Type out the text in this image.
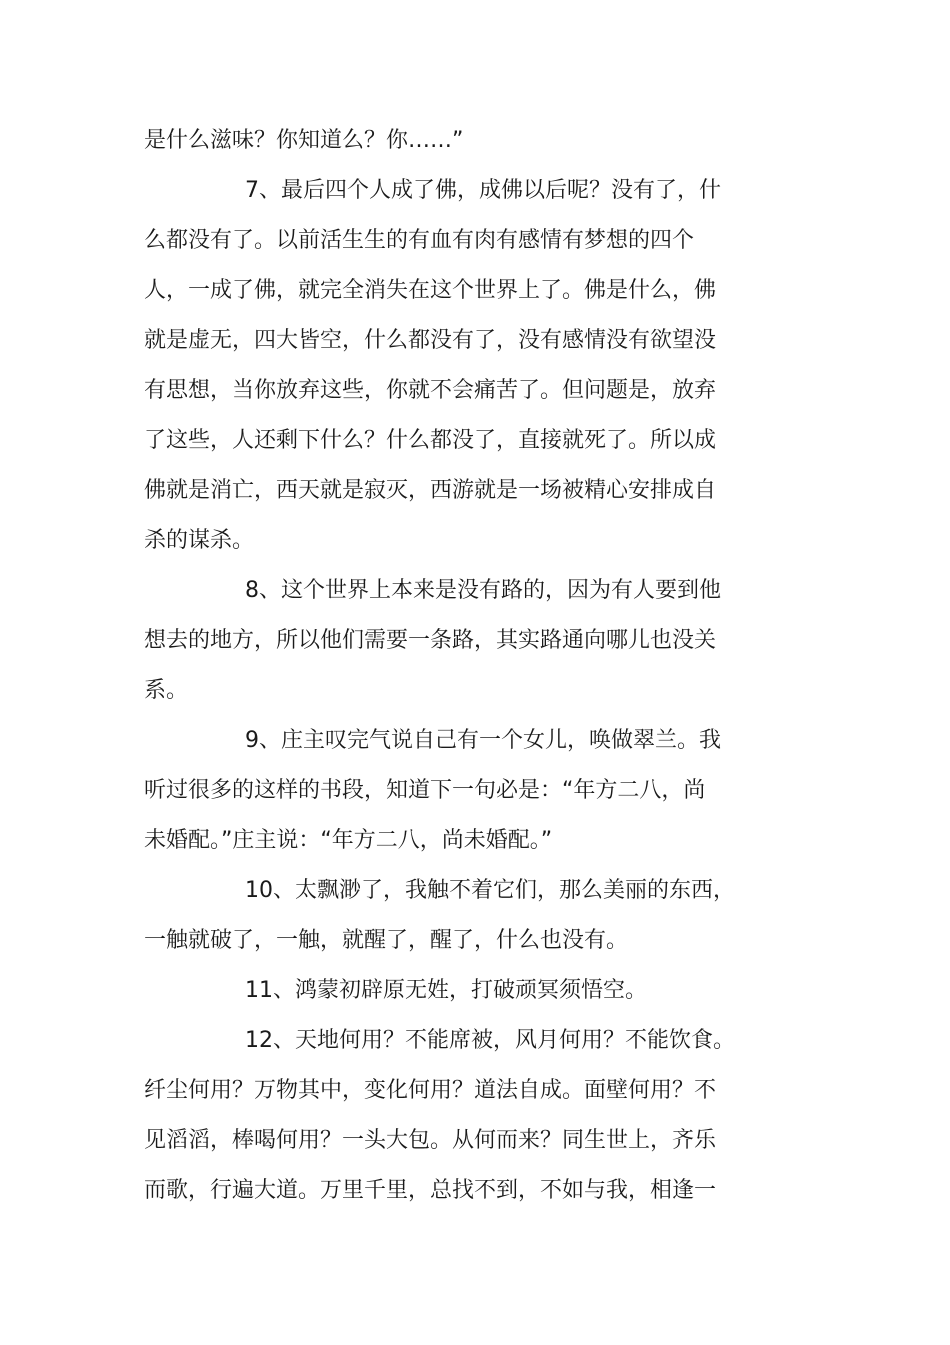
是什么滋味？你知道么？你……”
7、最后四个人成了佛，成佛以后呢？没有了，什
么都没有了。以前活生生的有血有肉有感情有梦想的四个
人，一成了佛，就完全消失在这个世界上了。佛是什么，佛
就是虚无，四大皆空，什么都没有了，没有感情没有欲望没
有思想，当你放弃这些，你就不会痛苦了。但问题是，放弃
了这些，人还剩下什么？什么都没了，直接就死了。所以成
佛就是消亡，西天就是寂灭，西游就是一场被精心安排成自
杀的谋杀。
8、这个世界上本来是没有路的，因为有人要到他
想去的地方，所以他们需要一条路，其实路通向哪儿也没关
系。
9、庄主叹完气说自己有一个女儿，唤做翠兰。我
听过很多的这样的书段，知道下一句必是：“年方二八，尚
未婚配。”庄主说：“年方二八，尚未婚配。”
10、太飘渺了，我触不着它们，那么美丽的东西，
一触就破了，一触，就醒了，醒了，什么也没有。
11、鸿蒙初辟原无姓，打破顽冥须悟空。
12、天地何用？不能席被，风月何用？不能饮食。
纤尘何用？万物其中，变化何用？道法自成。面壁何用？不
见滔滔，棒喝何用？一头大包。从何而来？同生世上，齐乐
而歌，行遍大道。万里千里，总找不到，不如与我，相逢一
